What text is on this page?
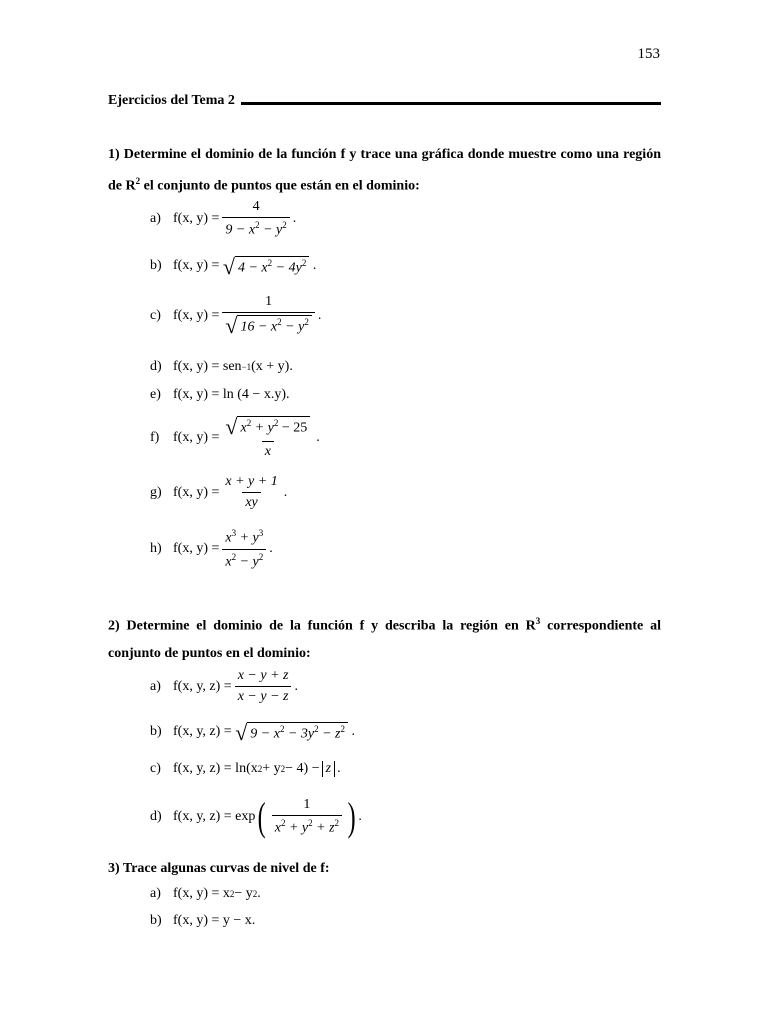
153
Ejercicios del Tema 2
1) Determine el dominio de la función f y trace una gráfica donde muestre como una región de $R^2$ el conjunto de puntos que están en el dominio:
a) f(x, $y) = \frac{4}{9 - x^2 - y^2}$ .
b) f(x, y) =
√ $4 - x^2 - 4y^2$
.
c) f(x, $y) = \frac{1}{√ 16 - x^2 - y^2}$ .
d) f(x, y) = sen −1 (x + y).
e) f(x, y) = ln (4 − x.y).
f) f(x, $y) = \frac{√ x^2 + y^2 - 25}{x}$ .
g) f(x, $y) = \frac{x + y + 1}{xy}$ .
h) f(x, $y) = \frac{x^3 + y^3}{x^2 - y^2}$ .
2) Determine el dominio de la función f y describa la región en $R^3$ correspondiente al conjunto de puntos en el dominio:
a) f(x, y, $z) = \frac{x - y + z}{x - y - z}$ .
b) f(x, y, z) =
√ $9 - x^2 - 3y^2 - z^2$
.
c) f(x, y, z) = ln(x 2 + y 2 − 4) − z .
d) f(x, y, z) = exp ( $\frac{1}{x^2 + y^2 + z^2}$ ) .
3) Trace algunas curvas de nivel de f:
a) f(x, y) = x 2 − y 2 .
b) f(x, y) = y − x.
